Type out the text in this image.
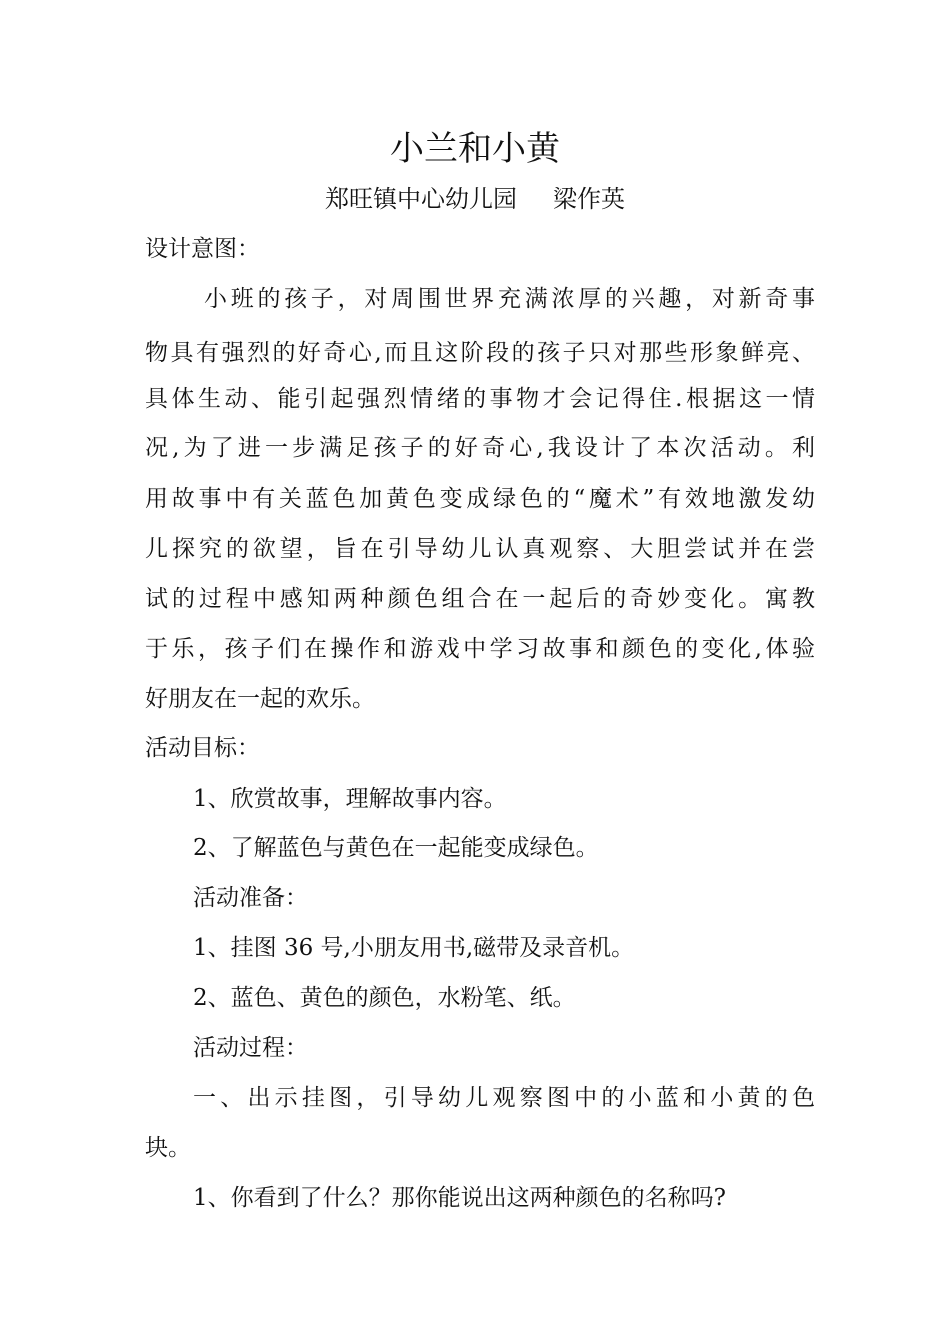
小兰和小黄
郑旺镇中心幼儿园 梁作英
设计意图：
小班的孩子，对周围世界充满浓厚的兴趣，对新奇事
物具有强烈的好奇心,而且这阶段的孩子只对那些形象鲜亮、
具体生动、能引起强烈情绪的事物才会记得住.根据这一情
况,为了进一步满足孩子的好奇心,我设计了本次活动。利
用故事中有关蓝色加黄色变成绿色的“魔术”有效地激发幼
儿探究的欲望，旨在引导幼儿认真观察、大胆尝试并在尝
试的过程中感知两种颜色组合在一起后的奇妙变化。寓教
于乐，孩子们在操作和游戏中学习故事和颜色的变化,体验
好朋友在一起的欢乐。
活动目标：
1、欣赏故事，理解故事内容。
2、了解蓝色与黄色在一起能变成绿色。
活动准备：
1、挂图 36 号,小朋友用书,磁带及录音机。
2、蓝色、黄色的颜色，水粉笔、纸。
活动过程：
一、出示挂图，引导幼儿观察图中的小蓝和小黄的色
块。
1、你看到了什么？那你能说出这两种颜色的名称吗?
